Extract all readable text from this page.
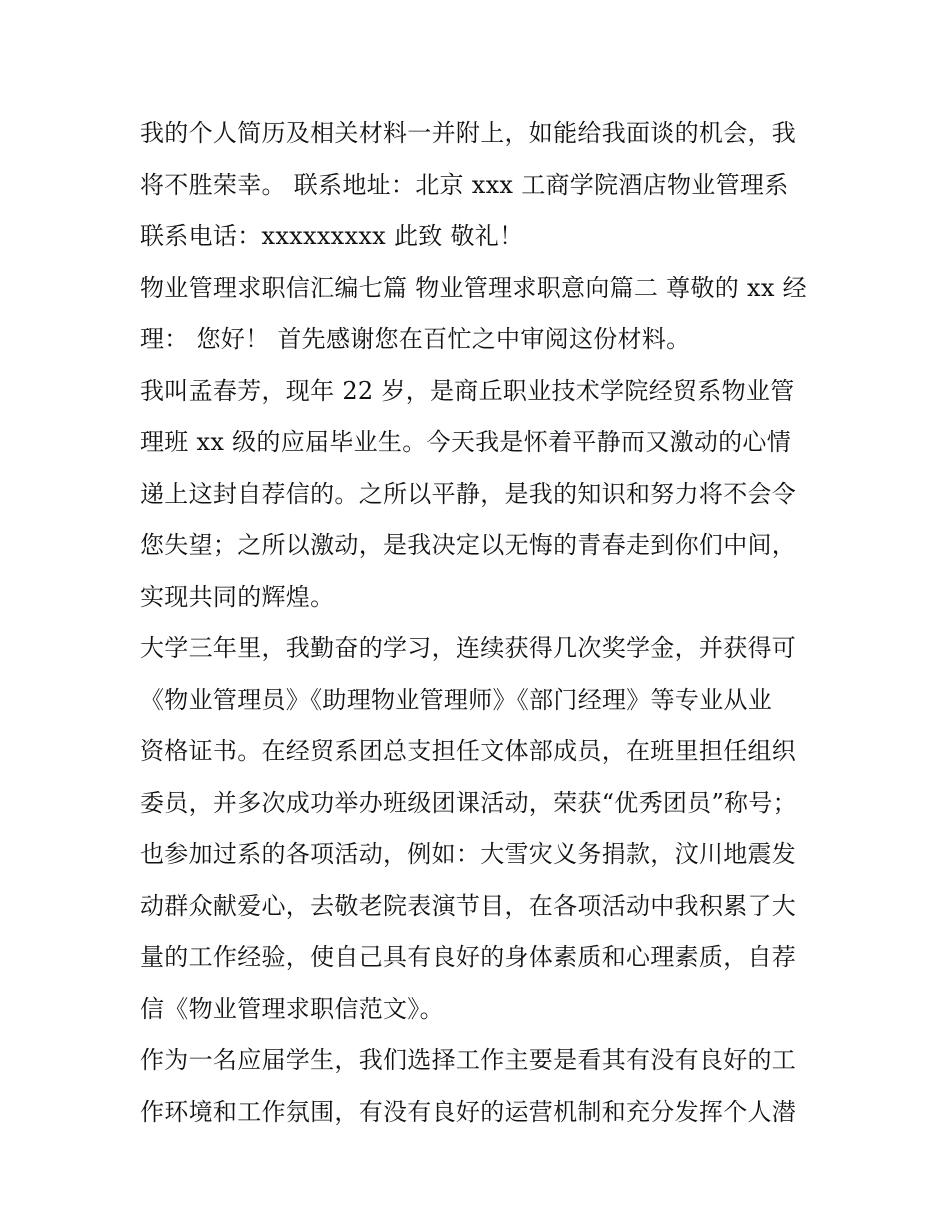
我的个人简历及相关材料一并附上，如能给我面谈的机会，我
将不胜荣幸。 联系地址：北京 xxx 工商学院酒店物业管理系
联系电话：xxxxxxxxx 此致 敬礼！
物业管理求职信汇编七篇 物业管理求职意向篇二 尊敬的 xx 经
理： 您好！ 首先感谢您在百忙之中审阅这份材料。
我叫孟春芳，现年 22 岁，是商丘职业技术学院经贸系物业管
理班 xx 级的应届毕业生。今天我是怀着平静而又激动的心情
递上这封自荐信的。之所以平静，是我的知识和努力将不会令
您失望；之所以激动，是我决定以无悔的青春走到你们中间，
实现共同的辉煌。
大学三年里，我勤奋的学习，连续获得几次奖学金，并获得可
《物业管理员》《助理物业管理师》《部门经理》等专业从业
资格证书。在经贸系团总支担任文体部成员，在班里担任组织
委员，并多次成功举办班级团课活动，荣获“优秀团员”称号；
也参加过系的各项活动，例如：大雪灾义务捐款，汶川地震发
动群众献爱心，去敬老院表演节目，在各项活动中我积累了大
量的工作经验，使自己具有良好的身体素质和心理素质，自荐
信《物业管理求职信范文》。
作为一名应届学生，我们选择工作主要是看其有没有良好的工
作环境和工作氛围，有没有良好的运营机制和充分发挥个人潜
